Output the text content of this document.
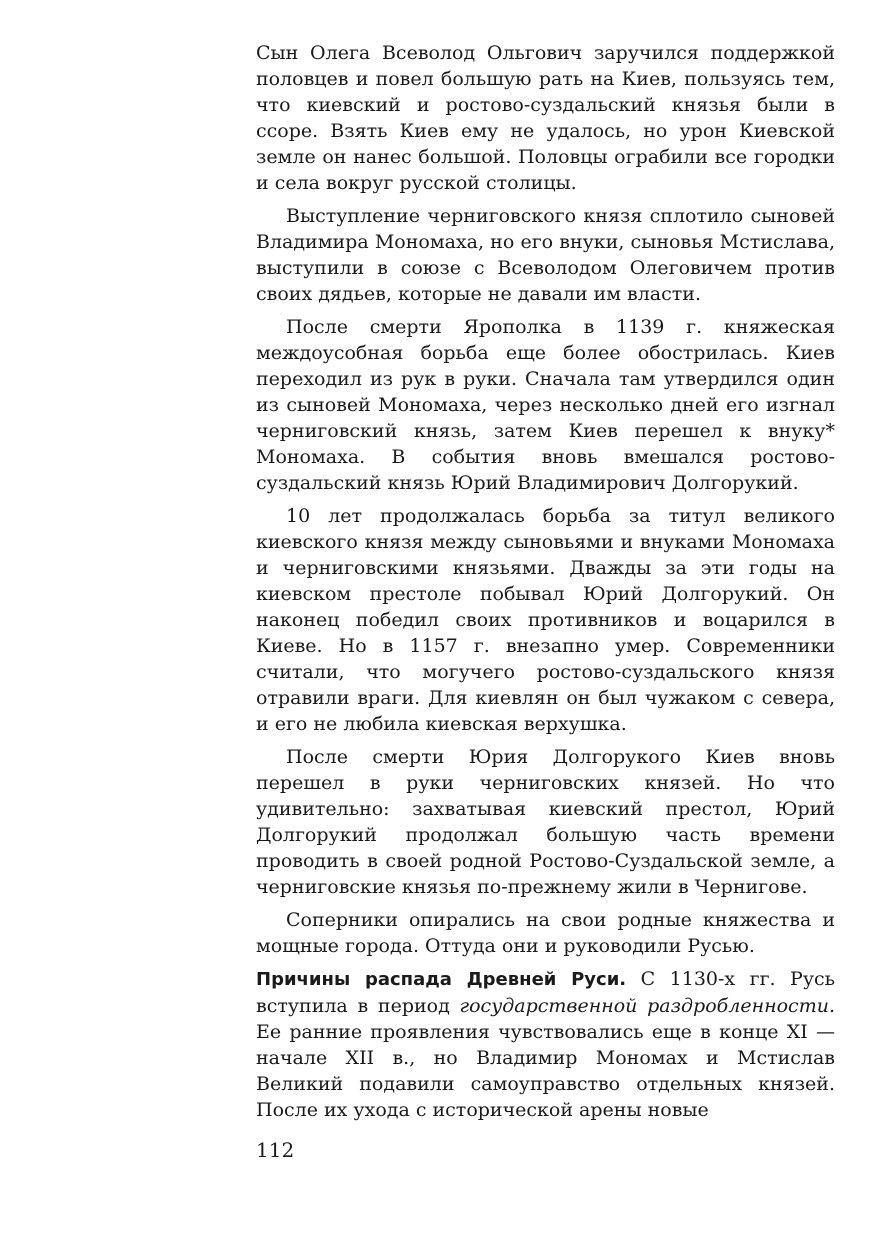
Сын Олега Всеволод Ольгович заручился поддержкой половцев и повел большую рать на Киев, пользуясь тем, что киевский и ростово-суздальский князья были в ссоре. Взять Киев ему не удалось, но урон Киевской земле он нанес большой. Половцы ограбили все городки и села вокруг русской столицы.

Выступление черниговского князя сплотило сыновей Владимира Мономаха, но его внуки, сыновья Мстислава, выступили в союзе с Всеволодом Олеговичем против своих дядьев, которые не давали им власти.

После смерти Ярополка в 1139 г. княжеская междоусобная борьба еще более обострилась. Киев переходил из рук в руки. Сначала там утвердился один из сыновей Мономаха, через несколько дней его изгнал черниговский князь, затем Киев перешел к внуку* Мономаха. В события вновь вмешался ростово-суздальский князь Юрий Владимирович Долгорукий.

10 лет продолжалась борьба за титул великого киевского князя между сыновьями и внуками Мономаха и черниговскими князьями. Дважды за эти годы на киевском престоле побывал Юрий Долгорукий. Он наконец победил своих противников и воцарился в Киеве. Но в 1157 г. внезапно умер. Современники считали, что могучего ростово-суздальского князя отравили враги. Для киевлян он был чужаком с севера, и его не любила киевская верхушка.

После смерти Юрия Долгорукого Киев вновь перешел в руки черниговских князей. Но что удивительно: захватывая киевский престол, Юрий Долгорукий продолжал большую часть времени проводить в своей родной Ростово-Суздальской земле, а черниговские князья по-прежнему жили в Чернигове.

Соперники опирались на свои родные княжества и мощные города. Оттуда они и руководили Русью.

Причины распада Древней Руси. С 1130-х гг. Русь вступила в период государственной раздробленности. Ее ранние проявления чувствовались еще в конце XI — начале XII в., но Владимир Мономах и Мстислав Великий подавили самоуправство отдельных князей. После их ухода с исторической арены новые

112
